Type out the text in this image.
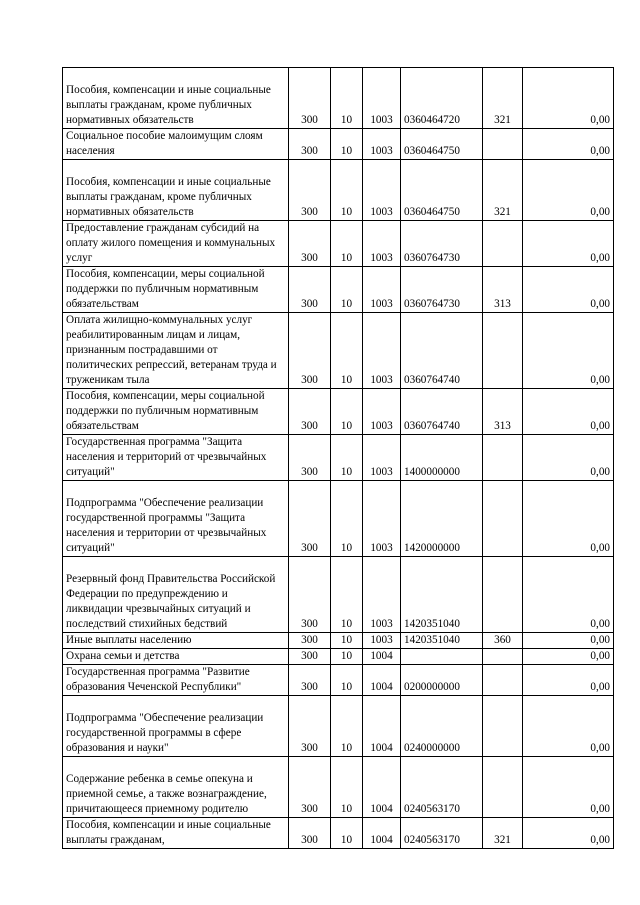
Пособия, компенсации и иные социальные выплаты гражданам, кроме публичных нормативных обязательств	300	10	1003	0360464720	321	0,00
Социальное пособие малоимущим слоям населения	300	10	1003	0360464750		0,00
Пособия, компенсации и иные социальные выплаты гражданам, кроме публичных нормативных обязательств	300	10	1003	0360464750	321	0,00
Предоставление гражданам субсидий на оплату жилого помещения и коммунальных услуг	300	10	1003	0360764730		0,00
Пособия, компенсации, меры социальной поддержки по публичным нормативным обязательствам	300	10	1003	0360764730	313	0,00
Оплата жилищно-коммунальных услуг реабилитированным лицам и лицам, признанным пострадавшими от политических репрессий, ветеранам труда и труженикам тыла	300	10	1003	0360764740		0,00
Пособия, компенсации, меры социальной поддержки по публичным нормативным обязательствам	300	10	1003	0360764740	313	0,00
Государственная программа "Защита населения и территорий от чрезвычайных ситуаций"	300	10	1003	1400000000		0,00
Подпрограмма "Обеспечение реализации государственной программы "Защита населения и территории от чрезвычайных ситуаций"	300	10	1003	1420000000		0,00
Резервный фонд Правительства Российской Федерации по предупреждению и ликвидации чрезвычайных ситуаций и последствий стихийных бедствий	300	10	1003	1420351040		0,00
Иные выплаты населению	300	10	1003	1420351040	360	0,00
Охрана семьи и детства	300	10	1004			0,00
Государственная программа "Развитие образования Чеченской Республики"	300	10	1004	0200000000		0,00
Подпрограмма "Обеспечение реализации государственной программы в сфере образования и науки"	300	10	1004	0240000000		0,00
Содержание ребенка в семье опекуна и приемной семье, а также вознаграждение, причитающееся приемному родителю	300	10	1004	0240563170		0,00
Пособия, компенсации и иные социальные выплаты гражданам,	300	10	1004	0240563170	321	0,00
